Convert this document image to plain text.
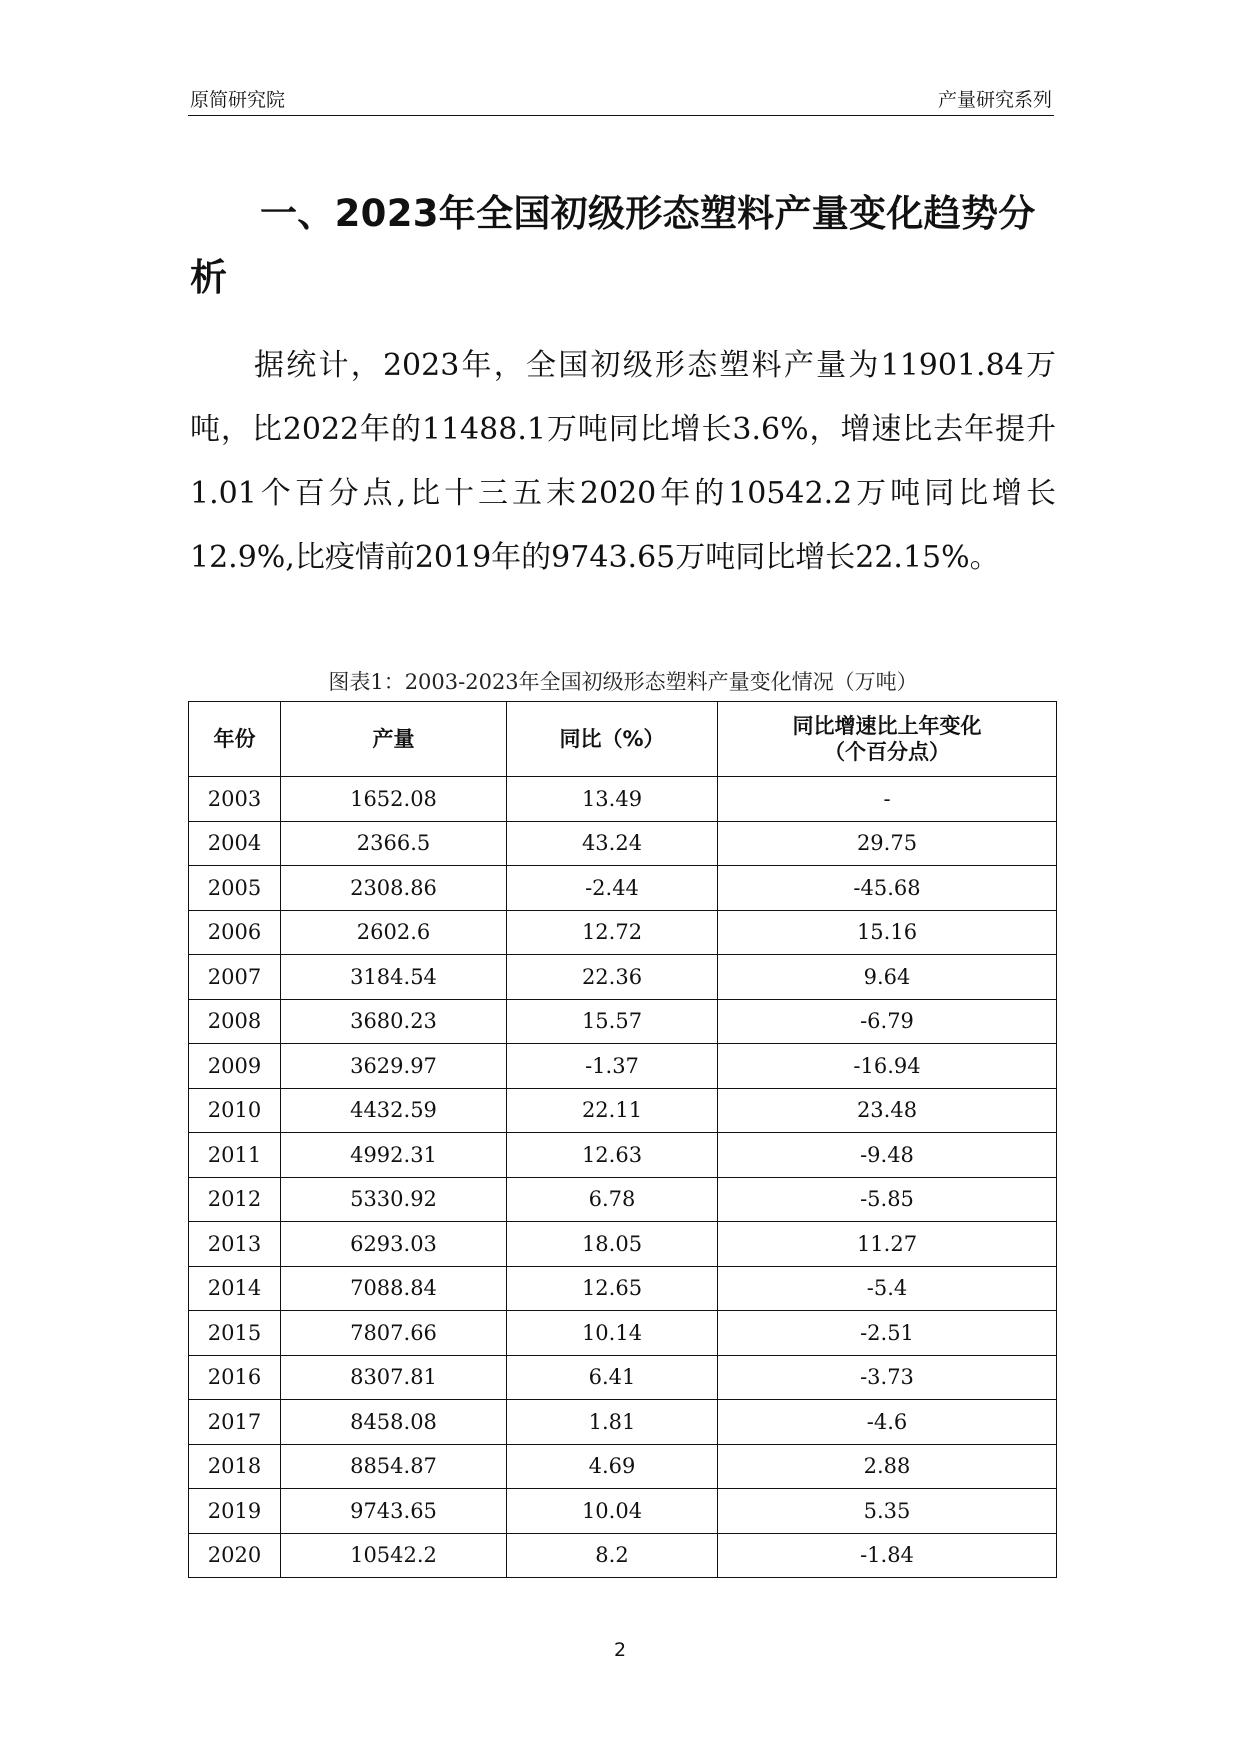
原简研究院	产量研究系列
一、2023年全国初级形态塑料产量变化趋势分析

据统计，2023年，全国初级形态塑料产量为11901.84万吨，比2022年的11488.1万吨同比增长3.6%，增速比去年提升1.01个百分点,比十三五末2020年的10542.2万吨同比增长12.9%,比疫情前2019年的9743.65万吨同比增长22.15%。

图表1：2003-2023年全国初级形态塑料产量变化情况（万吨）
年份	产量	同比（%）	同比增速比上年变化
（个百分点）

2003	1652.08	13.49	-
2004	2366.5	43.24	29.75
2005	2308.86	-2.44	-45.68
2006	2602.6	12.72	15.16
2007	3184.54	22.36	9.64
2008	3680.23	15.57	-6.79
2009	3629.97	-1.37	-16.94
2010	4432.59	22.11	23.48
2011	4992.31	12.63	-9.48
2012	5330.92	6.78	-5.85
2013	6293.03	18.05	11.27
2014	7088.84	12.65	-5.4
2015	7807.66	10.14	-2.51
2016	8307.81	6.41	-3.73
2017	8458.08	1.81	-4.6
2018	8854.87	4.69	2.88
2019	9743.65	10.04	5.35
2020	10542.2	8.2	-1.84
2
